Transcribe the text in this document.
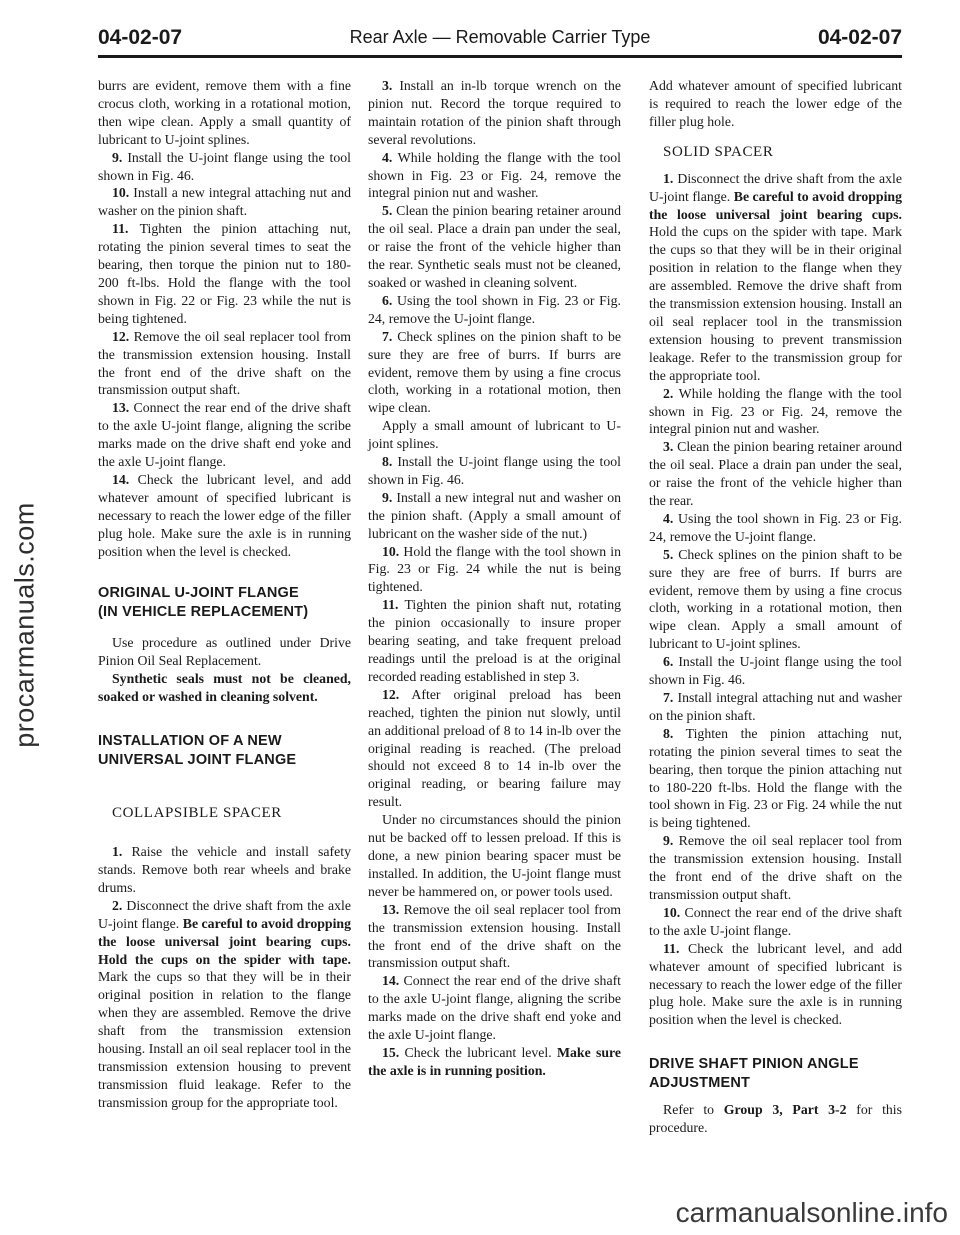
04-02-07	Rear Axle — Removable Carrier Type	04-02-07
procarmanuals.com
carmanualsonline.info

burrs are evident, remove them with a fine crocus cloth, working in a rotational motion, then wipe clean. Apply a small quantity of lubricant to U-joint splines.

9. Install the U-joint flange using the tool shown in Fig. 46.

10. Install a new integral attaching nut and washer on the pinion shaft.

11. Tighten the pinion attaching nut, rotating the pinion several times to seat the bearing, then torque the pinion nut to 180-200 ft-lbs. Hold the flange with the tool shown in Fig. 22 or Fig. 23 while the nut is being tightened.

12. Remove the oil seal replacer tool from the transmission extension housing. Install the front end of the drive shaft on the transmission output shaft.

13. Connect the rear end of the drive shaft to the axle U-joint flange, aligning the scribe marks made on the drive shaft end yoke and the axle U-joint flange.

14. Check the lubricant level, and add whatever amount of specified lubricant is necessary to reach the lower edge of the filler plug hole. Make sure the axle is in running position when the level is checked.

ORIGINAL U-JOINT FLANGE
(IN VEHICLE REPLACEMENT)

Use procedure as outlined under Drive Pinion Oil Seal Replacement.

Synthetic seals must not be cleaned, soaked or washed in cleaning solvent.

INSTALLATION OF A NEW
UNIVERSAL JOINT FLANGE
COLLAPSIBLE SPACER

1. Raise the vehicle and install safety stands. Remove both rear wheels and brake drums.

2. Disconnect the drive shaft from the axle U-joint flange. Be careful to avoid dropping the loose universal joint bearing cups. Hold the cups on the spider with tape. Mark the cups so that they will be in their original position in relation to the flange when they are assembled. Remove the drive shaft from the transmission extension housing. Install an oil seal replacer tool in the transmission extension housing to prevent transmission fluid leakage. Refer to the transmission group for the appropriate tool.

3. Install an in-lb torque wrench on the pinion nut. Record the torque required to maintain rotation of the pinion shaft through several revolutions.

4. While holding the flange with the tool shown in Fig. 23 or Fig. 24, remove the integral pinion nut and washer.

5. Clean the pinion bearing retainer around the oil seal. Place a drain pan under the seal, or raise the front of the vehicle higher than the rear. Synthetic seals must not be cleaned, soaked or washed in cleaning solvent.

6. Using the tool shown in Fig. 23 or Fig. 24, remove the U-joint flange.

7. Check splines on the pinion shaft to be sure they are free of burrs. If burrs are evident, remove them by using a fine crocus cloth, working in a rotational motion, then wipe clean.

Apply a small amount of lubricant to U-joint splines.

8. Install the U-joint flange using the tool shown in Fig. 46.

9. Install a new integral nut and washer on the pinion shaft. (Apply a small amount of lubricant on the washer side of the nut.)

10. Hold the flange with the tool shown in Fig. 23 or Fig. 24 while the nut is being tightened.

11. Tighten the pinion shaft nut, rotating the pinion occasionally to insure proper bearing seating, and take frequent preload readings until the preload is at the original recorded reading established in step 3.

12. After original preload has been reached, tighten the pinion nut slowly, until an additional preload of 8 to 14 in-lb over the original reading is reached. (The preload should not exceed 8 to 14 in-lb over the original reading, or bearing failure may result.

Under no circumstances should the pinion nut be backed off to lessen preload. If this is done, a new pinion bearing spacer must be installed. In addition, the U-joint flange must never be hammered on, or power tools used.

13. Remove the oil seal replacer tool from the transmission extension housing. Install the front end of the drive shaft on the transmission output shaft.

14. Connect the rear end of the drive shaft to the axle U-joint flange, aligning the scribe marks made on the drive shaft end yoke and the axle U-joint flange.

15. Check the lubricant level. Make sure the axle is in running position.

Add whatever amount of specified lubricant is required to reach the lower edge of the filler plug hole.

SOLID SPACER

1. Disconnect the drive shaft from the axle U-joint flange. Be careful to avoid dropping the loose universal joint bearing cups. Hold the cups on the spider with tape. Mark the cups so that they will be in their original position in relation to the flange when they are assembled. Remove the drive shaft from the transmission extension housing. Install an oil seal replacer tool in the transmission extension housing to prevent transmission leakage. Refer to the transmission group for the appropriate tool.

2. While holding the flange with the tool shown in Fig. 23 or Fig. 24, remove the integral pinion nut and washer.

3. Clean the pinion bearing retainer around the oil seal. Place a drain pan under the seal, or raise the front of the vehicle higher than the rear.

4. Using the tool shown in Fig. 23 or Fig. 24, remove the U-joint flange.

5. Check splines on the pinion shaft to be sure they are free of burrs. If burrs are evident, remove them by using a fine crocus cloth, working in a rotational motion, then wipe clean. Apply a small amount of lubricant to U-joint splines.

6. Install the U-joint flange using the tool shown in Fig. 46.

7. Install integral attaching nut and washer on the pinion shaft.

8. Tighten the pinion attaching nut, rotating the pinion several times to seat the bearing, then torque the pinion attaching nut to 180-220 ft-lbs. Hold the flange with the tool shown in Fig. 23 or Fig. 24 while the nut is being tightened.

9. Remove the oil seal replacer tool from the transmission extension housing. Install the front end of the drive shaft on the transmission output shaft.

10. Connect the rear end of the drive shaft to the axle U-joint flange.

11. Check the lubricant level, and add whatever amount of specified lubricant is necessary to reach the lower edge of the filler plug hole. Make sure the axle is in running position when the level is checked.

DRIVE SHAFT PINION ANGLE
ADJUSTMENT

Refer to Group 3, Part 3-2 for this procedure.
